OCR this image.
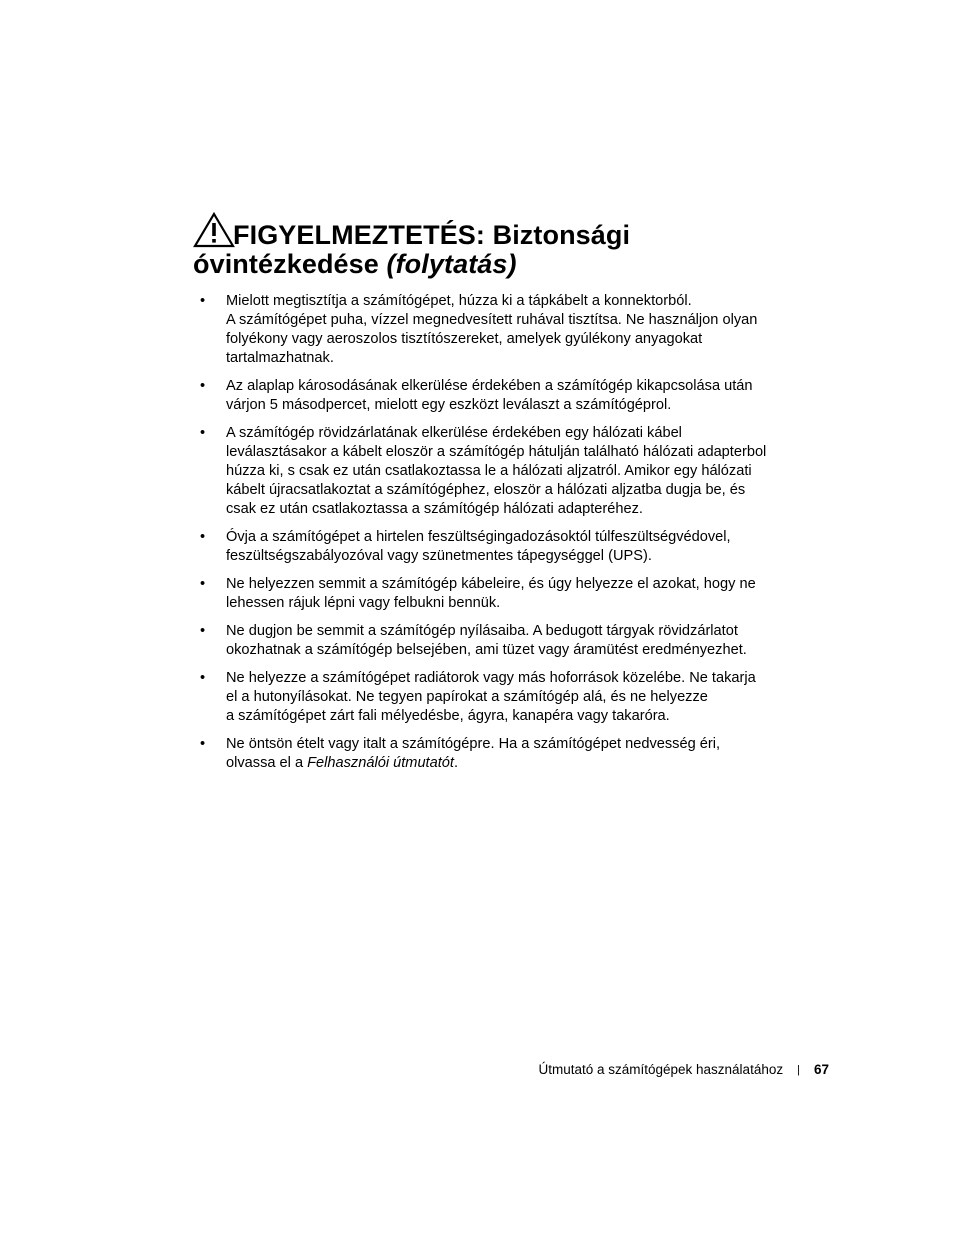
FIGYELMEZTETÉS: Biztonsági
óvintézkedése (folytatás)
• Mielott megtisztítja a számítógépet, húzza ki a tápkábelt a konnektorból.
A számítógépet puha, vízzel megnedvesített ruhával tisztítsa. Ne használjon olyan
folyékony vagy aeroszolos tisztítószereket, amelyek gyúlékony anyagokat
tartalmazhatnak.
• Az alaplap károsodásának elkerülése érdekében a számítógép kikapcsolása után
várjon 5 másodpercet, mielott egy eszközt leválaszt a számítógéprol.
• A számítógép rövidzárlatának elkerülése érdekében egy hálózati kábel
leválasztásakor a kábelt eloször a számítógép hátulján található hálózati adapterbol
húzza ki, s csak ez után csatlakoztassa le a hálózati aljzatról. Amikor egy hálózati
kábelt újracsatlakoztat a számítógéphez, eloször a hálózati aljzatba dugja be, és
csak ez után csatlakoztassa a számítógép hálózati adapteréhez.
• Óvja a számítógépet a hirtelen feszültségingadozásoktól túlfeszültségvédovel,
feszültségszabályozóval vagy szünetmentes tápegységgel (UPS).
• Ne helyezzen semmit a számítógép kábeleire, és úgy helyezze el azokat, hogy ne
lehessen rájuk lépni vagy felbukni bennük.
• Ne dugjon be semmit a számítógép nyílásaiba. A bedugott tárgyak rövidzárlatot
okozhatnak a számítógép belsejében, ami tüzet vagy áramütést eredményezhet.
• Ne helyezze a számítógépet radiátorok vagy más hoforrások közelébe. Ne takarja
el a hutonyílásokat. Ne tegyen papírokat a számítógép alá, és ne helyezze
a számítógépet zárt fali mélyedésbe, ágyra, kanapéra vagy takaróra.
• Ne öntsön ételt vagy italt a számítógépre. Ha a számítógépet nedvesség éri,
olvassa el a Felhasználói útmutatót.
Útmutató a számítógépek használatához | 67
